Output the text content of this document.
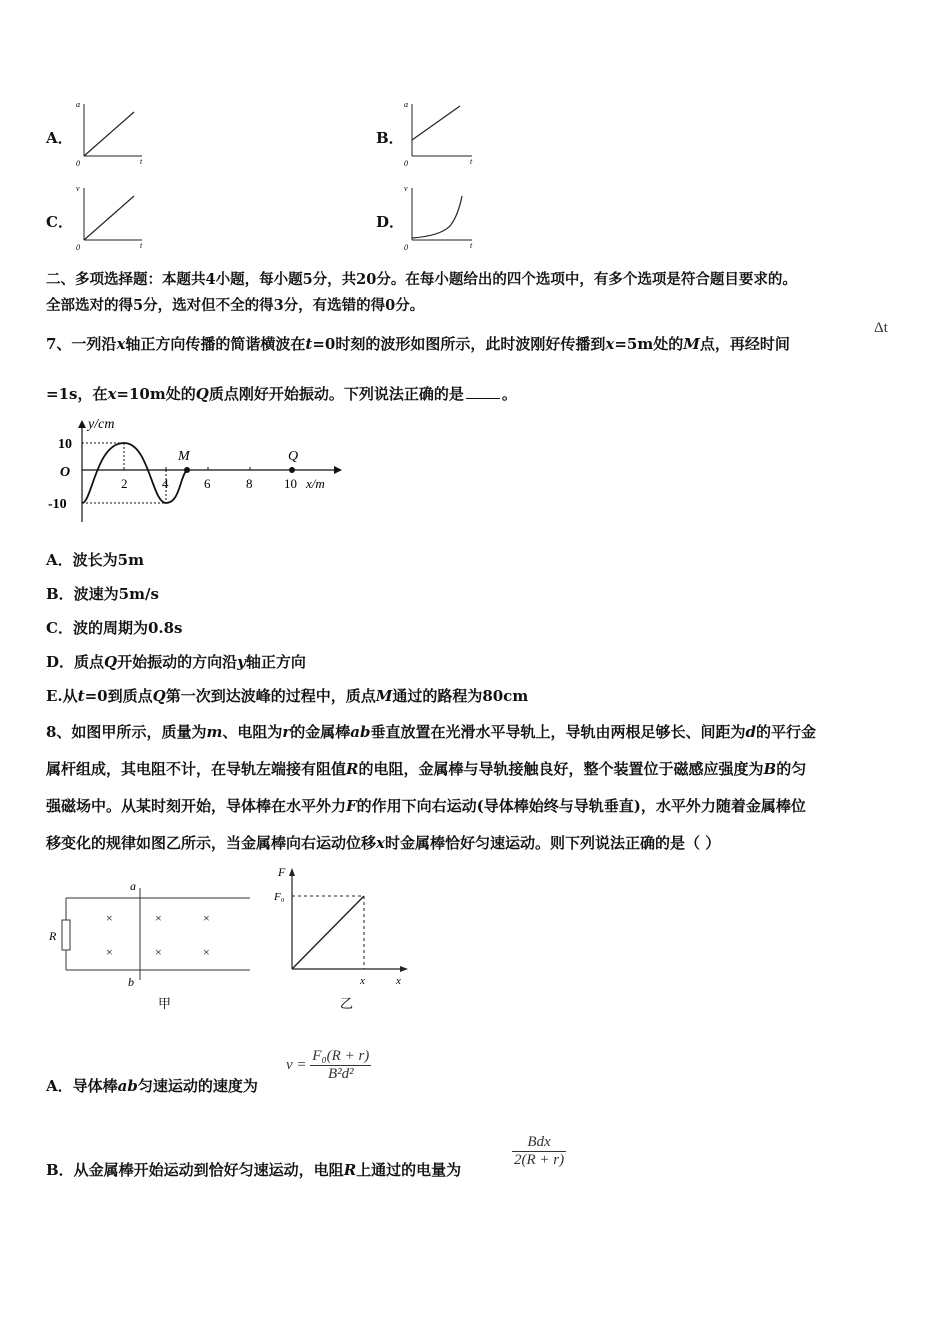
A．
a
t
0
B．
a
t
0
C．
v
t
0
D．
v
t
0
二、多项选择题：本题共4小题，每小题5分，共20分。在每小题给出的四个选项中，有多个选项是符合题目要求的。
全部选对的得5分，选对但不全的得3分，有选错的得0分。
7、一列沿x轴正方向传播的简谐横波在t=0时刻的波形如图所示，此时波刚好传播到x=5m处的M点，再经时间
Δt
=1s，在x=10m处的Q质点刚好开始振动。下列说法正确的是	。
y/cm
10
O
-10
2	4	6	8 10 x/m
M	Q
A．波长为5m
B．波速为5m/s
C．波的周期为0.8s
D．质点Q开始振动的方向沿y轴正方向
E.从t=0到质点Q第一次到达波峰的过程中，质点M通过的路程为80cm
8、如图甲所示，质量为m、电阻为r的金属棒ab垂直放置在光滑水平导轨上，导轨由两根足够长、间距为d的平行金
属杆组成，其电阻不计，在导轨左端接有阻值R的电阻，金属棒与导轨接触良好，整个装置位于磁感应强度为B的匀
强磁场中。从某时刻开始，导体棒在水平外力F的作用下向右运动(导体棒始终与导轨垂直)，水平外力随着金属棒位
移变化的规律如图乙所示，当金属棒向右运动位移x时金属棒恰好匀速运动。则下列说法正确的是（ ）
a
b
R
×	×	×
×	×	×
甲
F
F₀
x	x
乙
A．导体棒ab匀速运动的速度为
$v = \frac{\text{F₀(R + r)}}{\text{B²d²}}$
B．从金属棒开始运动到恰好匀速运动，电阻R上通过的电量为
$\frac{\text{Bdx}}{2(R + r)}$
